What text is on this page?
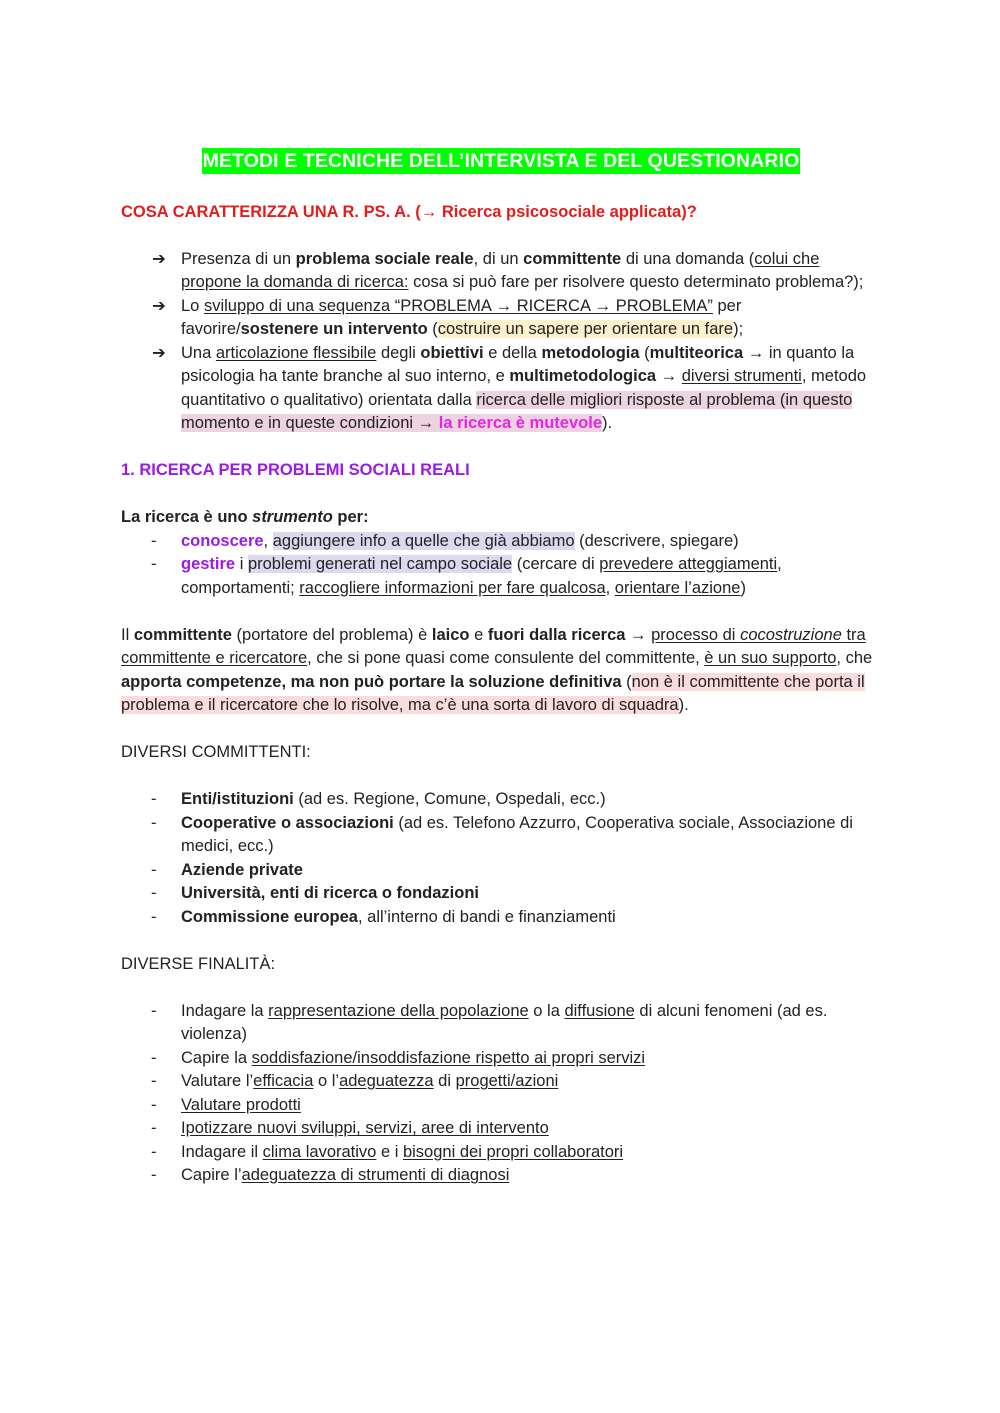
METODI E TECNICHE DELL’INTERVISTA E DEL QUESTIONARIO

COSA CARATTERIZZA UNA R. PS. A. (→ Ricerca psicosociale applicata)?

➔ Presenza di un problema sociale reale, di un committente di una domanda (colui che propone la domanda di ricerca: cosa si può fare per risolvere questo determinato problema?);
➔ Lo sviluppo di una sequenza “PROBLEMA → RICERCA → PROBLEMA” per favorire/sostenere un intervento (costruire un sapere per orientare un fare);
➔ Una articolazione flessibile degli obiettivi e della metodologia (multiteorica → in quanto la psicologia ha tante branche al suo interno, e multimetodologica → diversi strumenti, metodo quantitativo o qualitativo) orientata dalla ricerca delle migliori risposte al problema (in questo momento e in queste condizioni → la ricerca è mutevole).

1. RICERCA PER PROBLEMI SOCIALI REALI

La ricerca è uno strumento per:

- conoscere, aggiungere info a quelle che già abbiamo (descrivere, spiegare)
- gestire i problemi generati nel campo sociale (cercare di prevedere atteggiamenti, comportamenti; raccogliere informazioni per fare qualcosa, orientare l’azione)

Il committente (portatore del problema) è laico e fuori dalla ricerca → processo di cocostruzione tra committente e ricercatore, che si pone quasi come consulente del committente, è un suo supporto, che apporta competenze, ma non può portare la soluzione definitiva (non è il committente che porta il problema e il ricercatore che lo risolve, ma c’è una sorta di lavoro di squadra).

DIVERSI COMMITTENTI:

- Enti/istituzioni (ad es. Regione, Comune, Ospedali, ecc.)
- Cooperative o associazioni (ad es. Telefono Azzurro, Cooperativa sociale, Associazione di medici, ecc.)
- Aziende private
- Università, enti di ricerca o fondazioni
- Commissione europea, all’interno di bandi e finanziamenti

DIVERSE FINALITÀ:

- Indagare la rappresentazione della popolazione o la diffusione di alcuni fenomeni (ad es. violenza)
- Capire la soddisfazione/insoddisfazione rispetto ai propri servizi
- Valutare l’efficacia o l’adeguatezza di progetti/azioni
- Valutare prodotti
- Ipotizzare nuovi sviluppi, servizi, aree di intervento
- Indagare il clima lavorativo e i bisogni dei propri collaboratori
- Capire l’adeguatezza di strumenti di diagnosi
